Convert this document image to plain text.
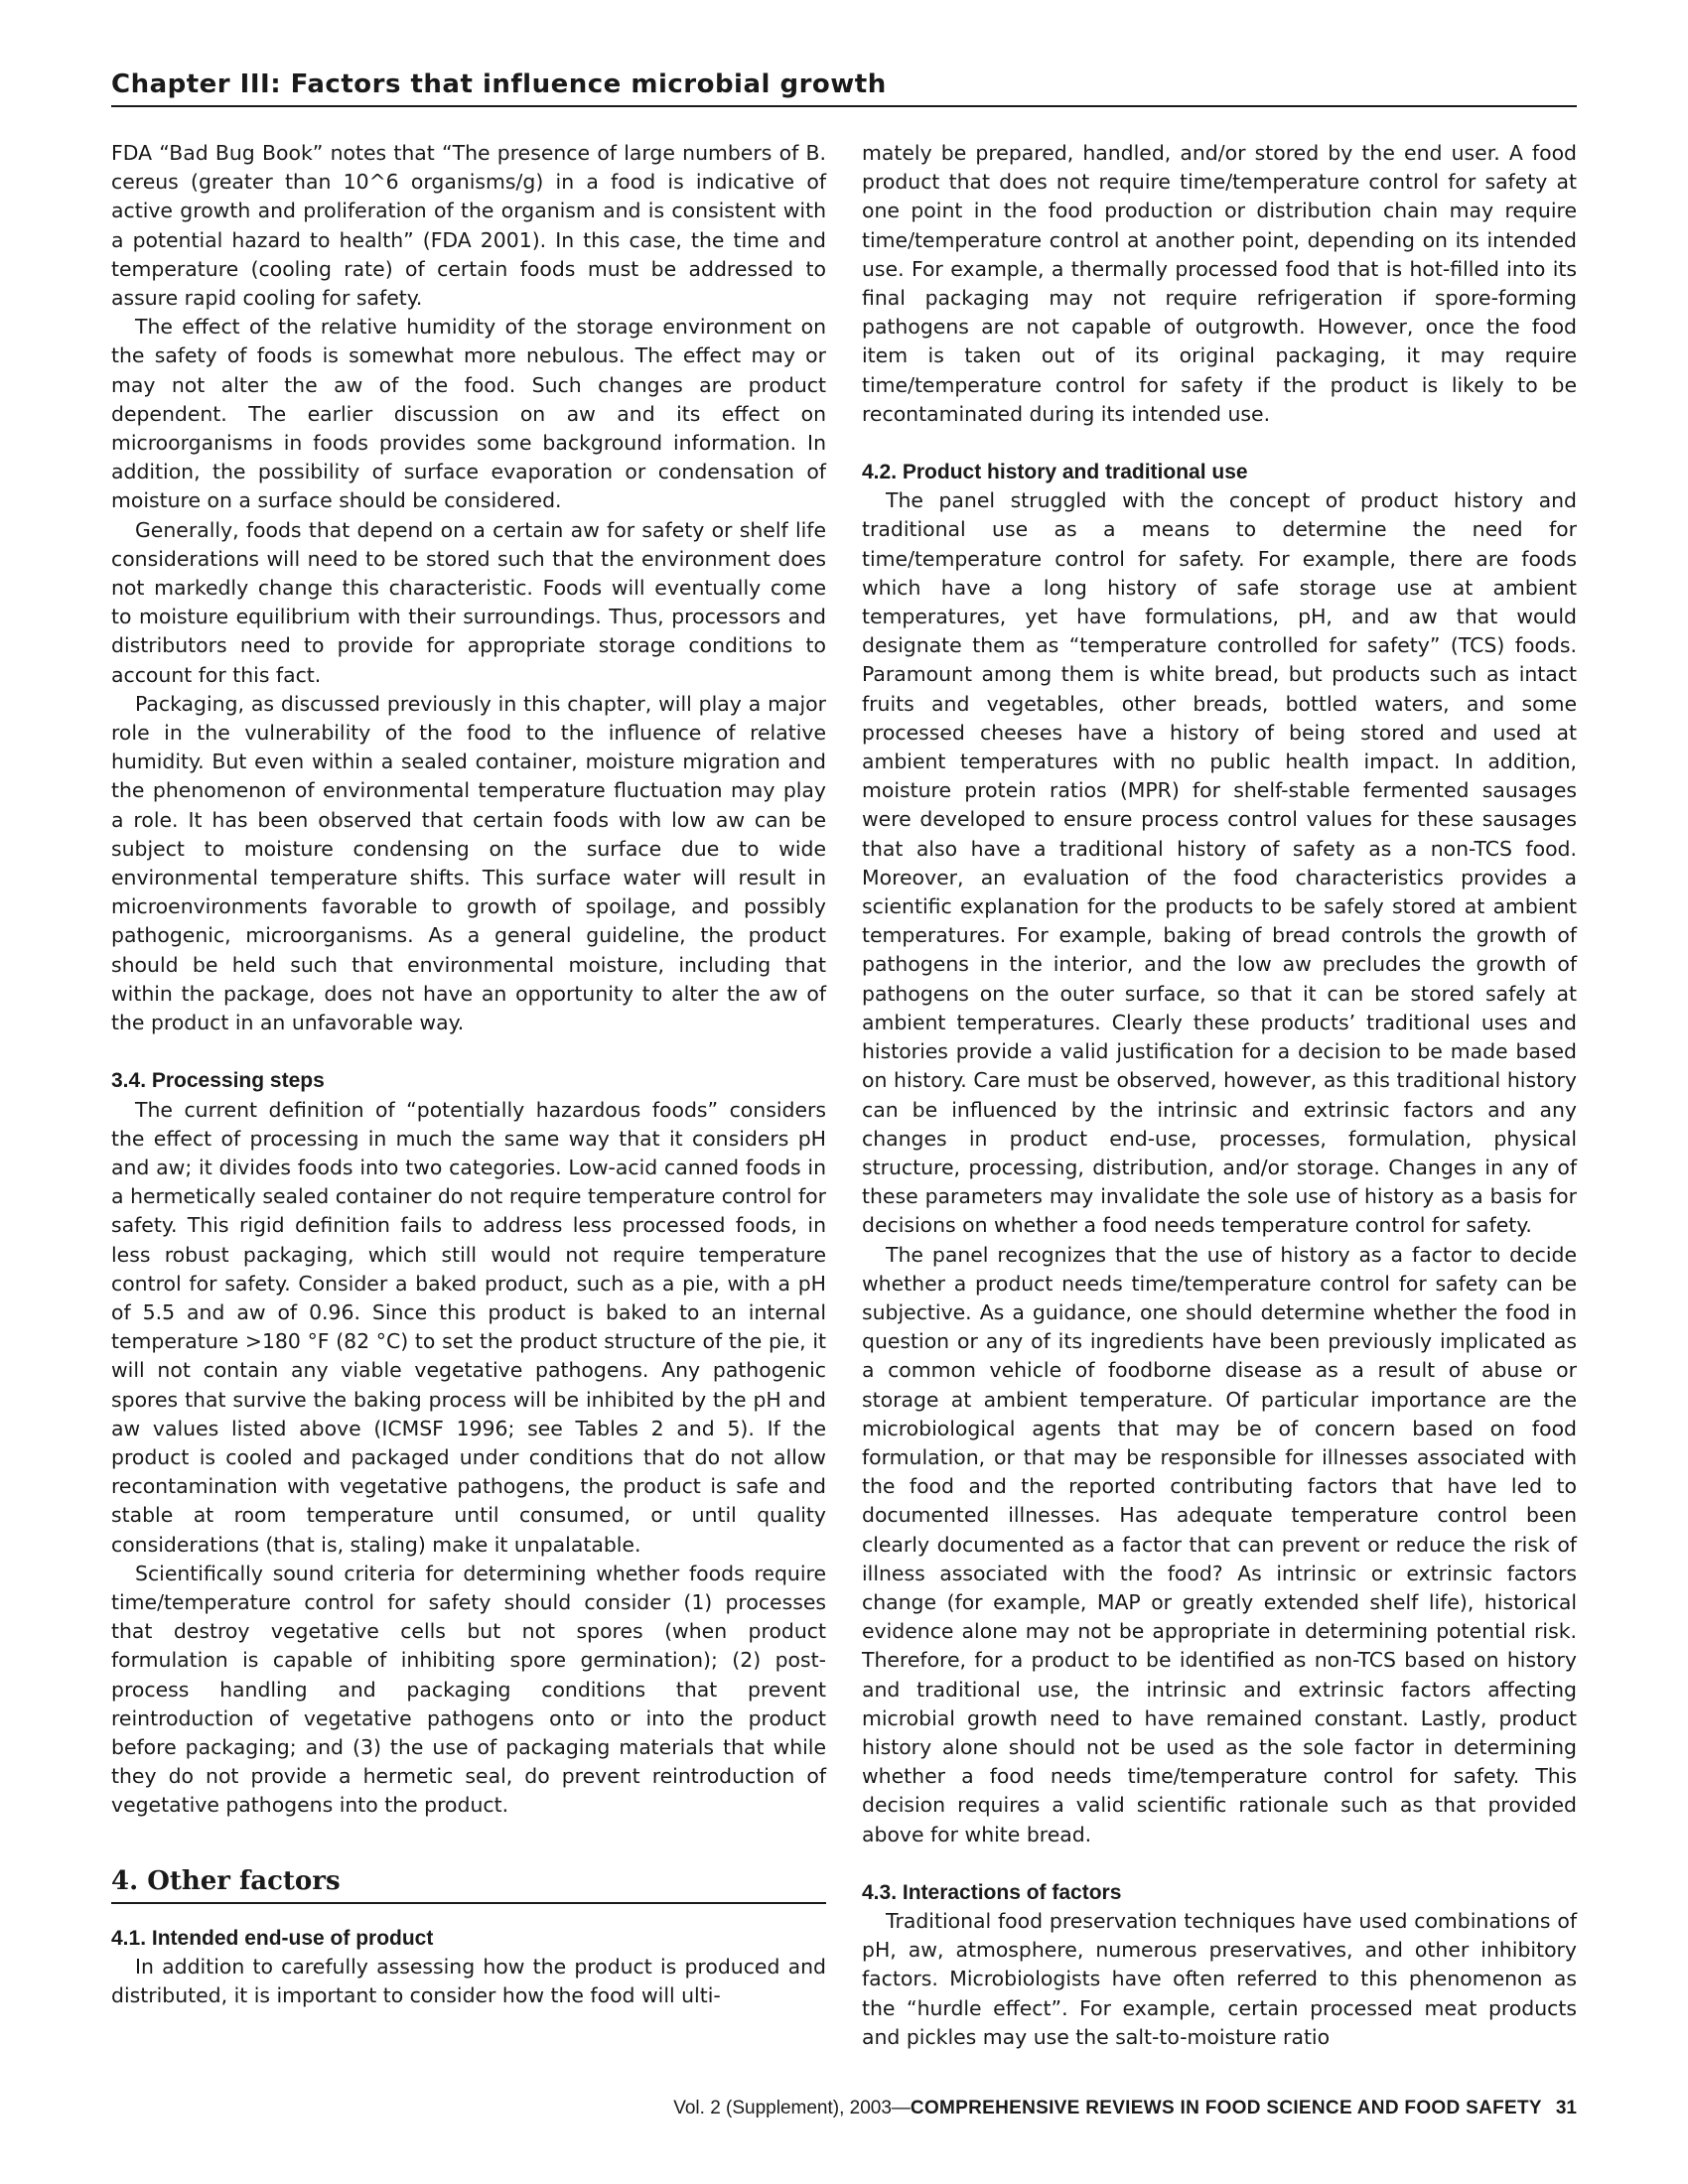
Chapter III: Factors that influence microbial growth

FDA “Bad Bug Book” notes that “The presence of large numbers of B. cereus (greater than 10^6 organisms/g) in a food is indicative of active growth and proliferation of the organism and is consistent with a potential hazard to health” (FDA 2001). In this case, the time and temperature (cooling rate) of certain foods must be addressed to assure rapid cooling for safety.

The effect of the relative humidity of the storage environment on the safety of foods is somewhat more nebulous. The effect may or may not alter the aw of the food. Such changes are product dependent. The earlier discussion on aw and its effect on microorganisms in foods provides some background information. In addition, the possibility of surface evaporation or condensation of moisture on a surface should be considered.

Generally, foods that depend on a certain aw for safety or shelf life considerations will need to be stored such that the environment does not markedly change this characteristic. Foods will eventually come to moisture equilibrium with their surroundings. Thus, processors and distributors need to provide for appropriate storage conditions to account for this fact.

Packaging, as discussed previously in this chapter, will play a major role in the vulnerability of the food to the influence of relative humidity. But even within a sealed container, moisture migration and the phenomenon of environmental temperature fluctuation may play a role. It has been observed that certain foods with low aw can be subject to moisture condensing on the surface due to wide environmental temperature shifts. This surface water will result in microenvironments favorable to growth of spoilage, and possibly pathogenic, microorganisms. As a general guideline, the product should be held such that environmental moisture, including that within the package, does not have an opportunity to alter the aw of the product in an unfavorable way.

3.4. Processing steps

The current definition of “potentially hazardous foods” considers the effect of processing in much the same way that it considers pH and aw; it divides foods into two categories. Low-acid canned foods in a hermetically sealed container do not require temperature control for safety. This rigid definition fails to address less processed foods, in less robust packaging, which still would not require temperature control for safety. Consider a baked product, such as a pie, with a pH of 5.5 and aw of 0.96. Since this product is baked to an internal temperature >180 °F (82 °C) to set the product structure of the pie, it will not contain any viable vegetative pathogens. Any pathogenic spores that survive the baking process will be inhibited by the pH and aw values listed above (ICMSF 1996; see Tables 2 and 5). If the product is cooled and packaged under conditions that do not allow recontamination with vegetative pathogens, the product is safe and stable at room temperature until consumed, or until quality considerations (that is, staling) make it unpalatable.

Scientifically sound criteria for determining whether foods require time/temperature control for safety should consider (1) processes that destroy vegetative cells but not spores (when product formulation is capable of inhibiting spore germination); (2) post-process handling and packaging conditions that prevent reintroduction of vegetative pathogens onto or into the product before packaging; and (3) the use of packaging materials that while they do not provide a hermetic seal, do prevent reintroduction of vegetative pathogens into the product.

4. Other factors
4.1. Intended end-use of product

In addition to carefully assessing how the product is produced and distributed, it is important to consider how the food will ulti-

mately be prepared, handled, and/or stored by the end user. A food product that does not require time/temperature control for safety at one point in the food production or distribution chain may require time/temperature control at another point, depending on its intended use. For example, a thermally processed food that is hot-filled into its final packaging may not require refrigeration if spore-forming pathogens are not capable of outgrowth. However, once the food item is taken out of its original packaging, it may require time/temperature control for safety if the product is likely to be recontaminated during its intended use.

4.2. Product history and traditional use

The panel struggled with the concept of product history and traditional use as a means to determine the need for time/temperature control for safety. For example, there are foods which have a long history of safe storage use at ambient temperatures, yet have formulations, pH, and aw that would designate them as “temperature controlled for safety” (TCS) foods. Paramount among them is white bread, but products such as intact fruits and vegetables, other breads, bottled waters, and some processed cheeses have a history of being stored and used at ambient temperatures with no public health impact. In addition, moisture protein ratios (MPR) for shelf-stable fermented sausages were developed to ensure process control values for these sausages that also have a traditional history of safety as a non-TCS food. Moreover, an evaluation of the food characteristics provides a scientific explanation for the products to be safely stored at ambient temperatures. For example, baking of bread controls the growth of pathogens in the interior, and the low aw precludes the growth of pathogens on the outer surface, so that it can be stored safely at ambient temperatures. Clearly these products’ traditional uses and histories provide a valid justification for a decision to be made based on history. Care must be observed, however, as this traditional history can be influenced by the intrinsic and extrinsic factors and any changes in product end-use, processes, formulation, physical structure, processing, distribution, and/or storage. Changes in any of these parameters may invalidate the sole use of history as a basis for decisions on whether a food needs temperature control for safety.

The panel recognizes that the use of history as a factor to decide whether a product needs time/temperature control for safety can be subjective. As a guidance, one should determine whether the food in question or any of its ingredients have been previously implicated as a common vehicle of foodborne disease as a result of abuse or storage at ambient temperature. Of particular importance are the microbiological agents that may be of concern based on food formulation, or that may be responsible for illnesses associated with the food and the reported contributing factors that have led to documented illnesses. Has adequate temperature control been clearly documented as a factor that can prevent or reduce the risk of illness associated with the food? As intrinsic or extrinsic factors change (for example, MAP or greatly extended shelf life), historical evidence alone may not be appropriate in determining potential risk. Therefore, for a product to be identified as non-TCS based on history and traditional use, the intrinsic and extrinsic factors affecting microbial growth need to have remained constant. Lastly, product history alone should not be used as the sole factor in determining whether a food needs time/temperature control for safety. This decision requires a valid scientific rationale such as that provided above for white bread.

4.3. Interactions of factors

Traditional food preservation techniques have used combinations of pH, aw, atmosphere, numerous preservatives, and other inhibitory factors. Microbiologists have often referred to this phenomenon as the “hurdle effect”. For example, certain processed meat products and pickles may use the salt-to-moisture ratio

Vol. 2 (Supplement), 2003—COMPREHENSIVE REVIEWS IN FOOD SCIENCE AND FOOD SAFETY 31
